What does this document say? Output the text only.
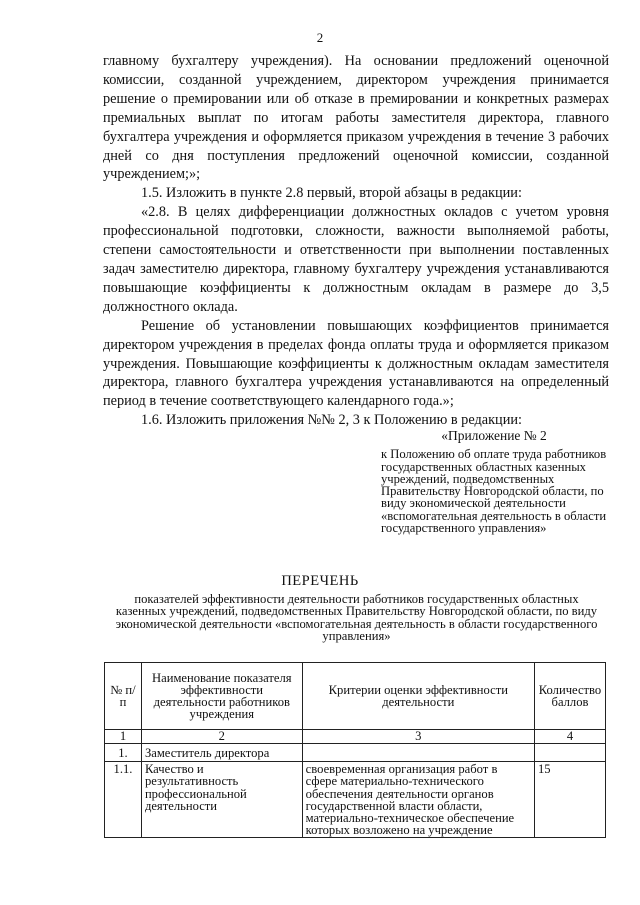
2

главному бухгалтеру учреждения). На основании предложений оценочной комиссии, созданной учреждением, директором учреждения принимается решение о премировании или об отказе в премировании и конкретных размерах премиальных выплат по итогам работы заместителя директора, главного бухгалтера учреждения и оформляется приказом учреждения в течение 3 рабочих дней со дня поступления предложений оценочной комиссии, созданной учреждением;»;

1.5. Изложить в пункте 2.8 первый, второй абзацы в редакции:

«2.8. В целях дифференциации должностных окладов с учетом уровня профессиональной подготовки, сложности, важности выполняемой работы, степени самостоятельности и ответственности при выполнении поставленных задач заместителю директора, главному бухгалтеру учреждения устанавливаются повышающие коэффициенты к должностным окладам в размере до 3,5 должностного оклада.

Решение об установлении повышающих коэффициентов принимается директором учреждения в пределах фонда оплаты труда и оформляется приказом учреждения. Повышающие коэффициенты к должностным окладам заместителя директора, главного бухгалтера учреждения устанавливаются на определенный период в течение соответствующего календарного года.»;

1.6. Изложить приложения №№ 2, 3 к Положению в редакции:

«Приложение № 2

к Положению об оплате труда работников государственных областных казенных учреждений, подведомственных Правительству Новгородской области, по виду экономической деятельности «вспомогательная деятельность в области государственного управления»

ПЕРЕЧЕНЬ
показателей эффективности деятельности работников государственных областных казенных учреждений, подведомственных Правительству Новгородской области, по виду экономической деятельности «вспомогательная деятельность в области государственного управления»
№ п/п	Наименование показателя эффективности деятельности работников учреждения	Критерии оценки эффективности деятельности	Количество баллов
1	2	3	4
1.	Заместитель директора		
1.1.	Качество и результативность профессиональной деятельности	своевременная организация работ в сфере материально-технического обеспечения деятельности органов государственной власти области, материально-техническое обеспечение которых возложено на учреждение	15
